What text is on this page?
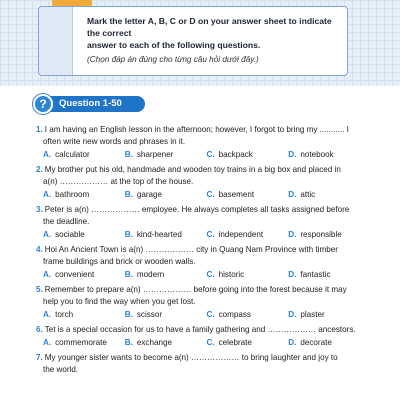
Mark the letter A, B, C or D on your answer sheet to indicate the correct
answer to each of the following questions.
(Chọn đáp án đúng cho từng câu hỏi dưới đây.)
?	Question 1-50
1. I am having an English lesson in the afternoon; however, I forgot to bring my ........... I
often write new words and phrases in it.
A. calculator	B. sharpener	C. backpack	D. notebook
2. My brother put his old, handmade and wooden toy trains in a big box and placed in
a(n) ……………… at the top of the house.
A. bathroom	B. garage	C. basement	D. attic
3. Peter is a(n) ……………… employee. He always completes all tasks assigned before
the deadline.
A. sociable	B. kind-hearted	C. independent	D. responsible
4. Hoi An Ancient Town is a(n) ……………… city in Quang Nam Province with timber
frame buildings and brick or wooden walls.
A. convenient	B. modern	C. historic	D. fantastic
5. Remember to prepare a(n) ……………… before going into the forest because it may
help you to find the way when you get lost.
A. torch	B. scissor	C. compass	D. plaster
6. Tet is a special occasion for us to have a family gathering and ……………… ancestors.
A. commemorate	B. exchange	C. celebrate	D. decorate
7. My younger sister wants to become a(n) ……………… to bring laughter and joy to
the world.
